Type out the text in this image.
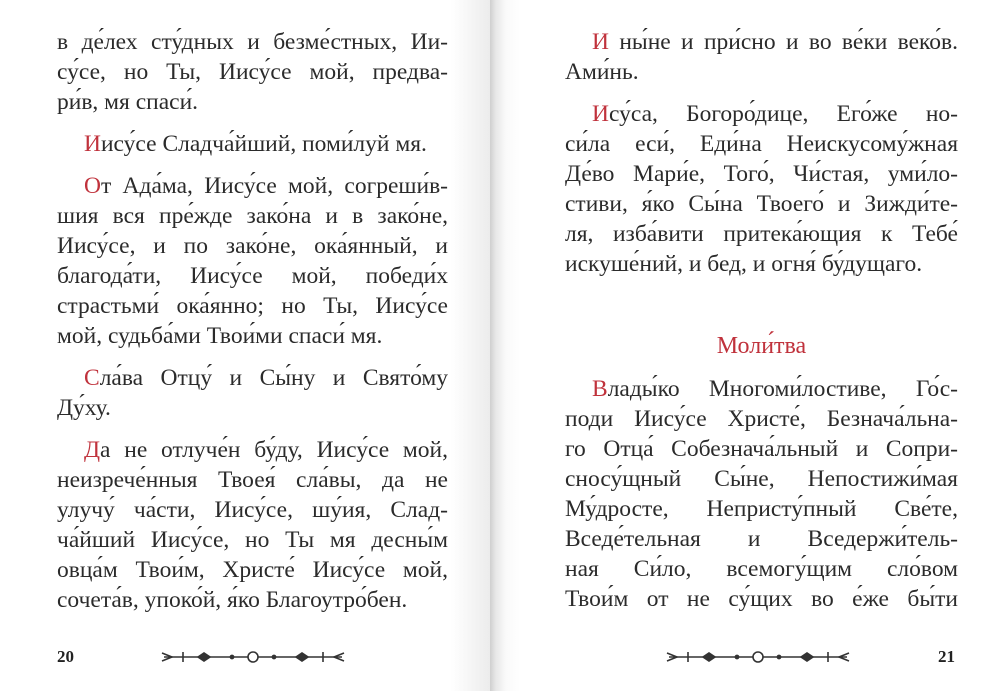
в де́лех сту́дных и безме́стных, Ии-
су́се, но Ты, Иису́се мой, предва-
ри́в, мя спаси́.
Иису́се Сладча́йший, поми́луй мя.
От Ада́ма, Иису́се мой, согреши́в-
шия вся пре́жде зако́на и в зако́не,
Иису́се, и по зако́не, ока́янный, и
благода́ти, Иису́се мой, победи́х
страстьми́ ока́янно; но Ты, Иису́се
мой, судьба́ми Твои́ми спаси́ мя.
Сла́ва Отцу́ и Сы́ну и Свято́му
Ду́ху.
Да не отлуче́н бу́ду, Иису́се мой,
неизрече́нныя Твоея́ сла́вы, да не
улучу́ ча́сти, Иису́се, шу́ия, Слад-
ча́йший Иису́се, но Ты мя десны́м
овца́м Твои́м, Христе́ Иису́се мой,
сочета́в, упоко́й, я́ко Благоутро́бен.
20
И ны́не и при́сно и во ве́ки веко́в.
Ами́нь.
Ису́са, Богоро́дице, Его́же но-
си́ла еси́, Еди́на Неискусому́жная
Де́во Мари́е, Того́, Чи́стая, уми́ло-
стиви, я́ко Сы́на Твоего́ и Зижди́те-
ля, изба́вити притека́ющия к Тебе́
искуше́ний, и бед, и огня́ бу́дущаго.
Моли́тва
Влады́ко Многоми́лостиве, Го́с-
поди Иису́се Христе́, Безнача́льна-
го Отца́ Собезнача́льный и Сопри-
сносу́щный Сы́не, Непостижи́мая
Му́дросте, Непристу́пный Све́те,
Вседе́тельная и Вседержи́тель-
ная Си́ло, всемогу́щим сло́вом
Твои́м от не су́щих во е́же бы́ти
21
